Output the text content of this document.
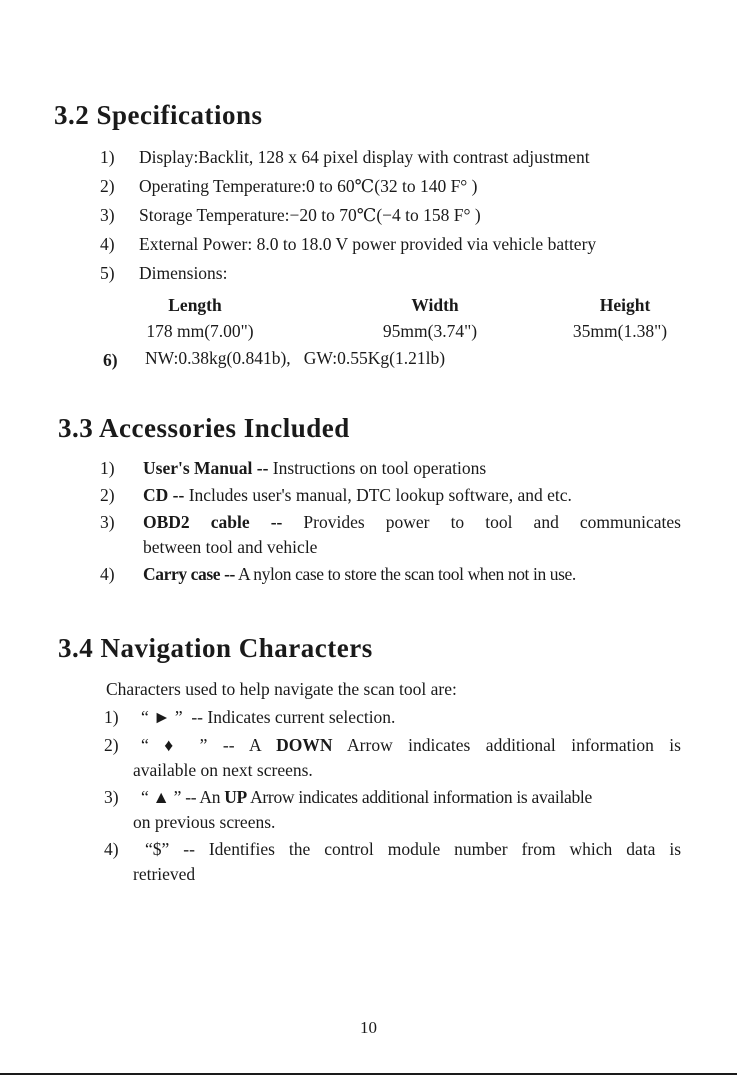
3.2 Specifications
1) Display:Backlit, 128 x 64 pixel display with contrast adjustment
2) Operating Temperature:0 to 60℃(32 to 140 F° )
3) Storage Temperature:−20 to 70℃(−4 to 158 F° )
4) External Power: 8.0 to 18.0 V power provided via vehicle battery
5) Dimensions:
Length	Width	Height
178 mm(7.00")	95mm(3.74")	35mm(1.38")
6) NW:0.38kg(0.841b),   GW:0.55Kg(1.21lb)
3.3 Accessories Included
1) User's Manual -- Instructions on tool operations
2) CD -- Includes user's manual, DTC lookup software, and etc.
3) OBD2 cable -- Provides power to tool and communicates
between tool and vehicle
4) Carry case -- A nylon case to store the scan tool when not in use.
3.4 Navigation Characters
Characters used to help navigate the scan tool are:
1) “ ► ” -- Indicates current selection.
2) “ ♦ ” -- A DOWN Arrow indicates additional information is
available on next screens.
3) “ ▲ ” -- An UP Arrow indicates additional information is available
on previous screens.
4) “$” -- Identifies the control module number from which data is
retrieved
10
